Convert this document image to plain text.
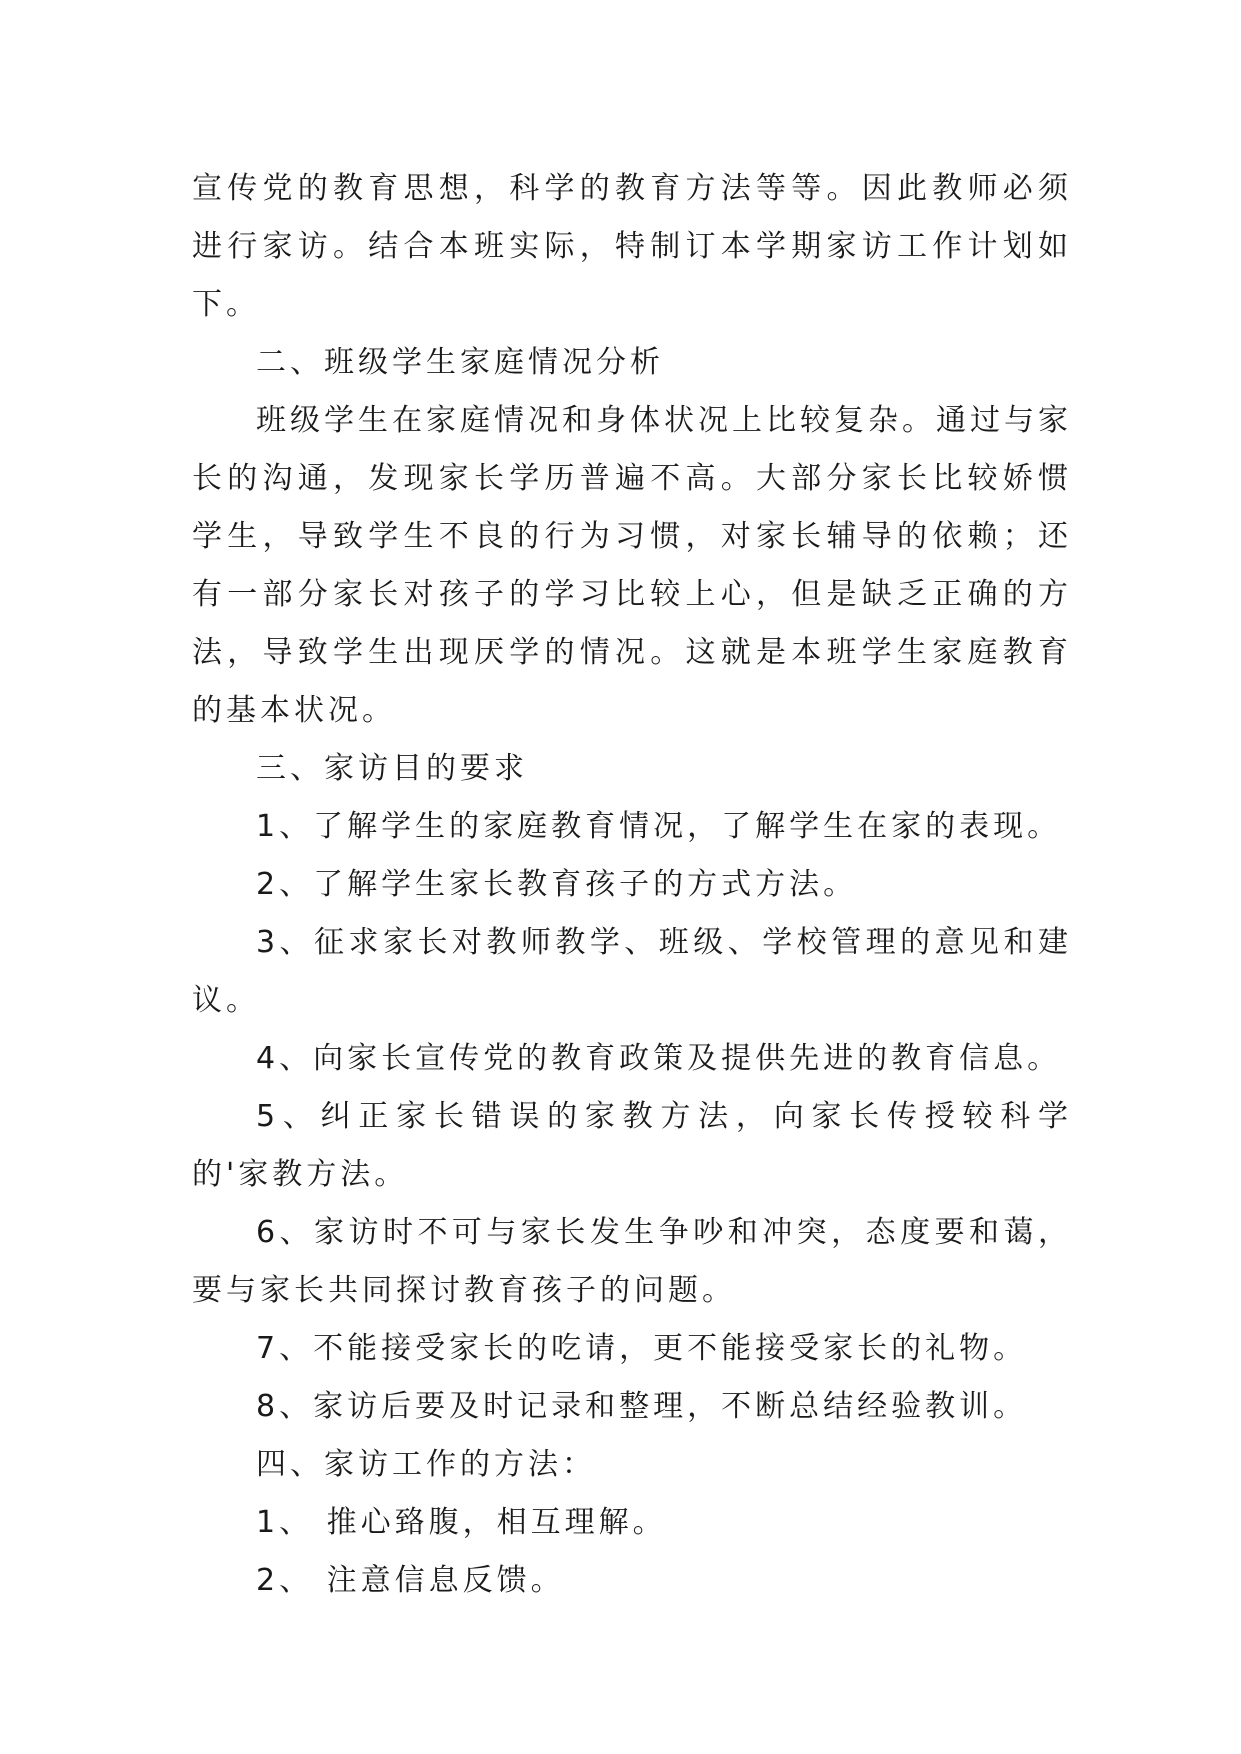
宣传党的教育思想，科学的教育方法等等。因此教师必须进行家访。结合本班实际，特制订本学期家访工作计划如下。

二、班级学生家庭情况分析

班级学生在家庭情况和身体状况上比较复杂。通过与家长的沟通，发现家长学历普遍不高。大部分家长比较娇惯学生，导致学生不良的行为习惯，对家长辅导的依赖；还有一部分家长对孩子的学习比较上心，但是缺乏正确的方法，导致学生出现厌学的情况。这就是本班学生家庭教育的基本状况。

三、家访目的要求

1、了解学生的家庭教育情况，了解学生在家的表现。

2、了解学生家长教育孩子的方式方法。

3、征求家长对教师教学、班级、学校管理的意见和建议。

4、向家长宣传党的教育政策及提供先进的教育信息。

5、纠正家长错误的家教方法，向家长传授较科学的'家教方法。

6、家访时不可与家长发生争吵和冲突，态度要和蔼，要与家长共同探讨教育孩子的问题。

7、不能接受家长的吃请，更不能接受家长的礼物。

8、家访后要及时记录和整理，不断总结经验教训。

四、家访工作的方法：

1、 推心臵腹，相互理解。

2、 注意信息反馈。
